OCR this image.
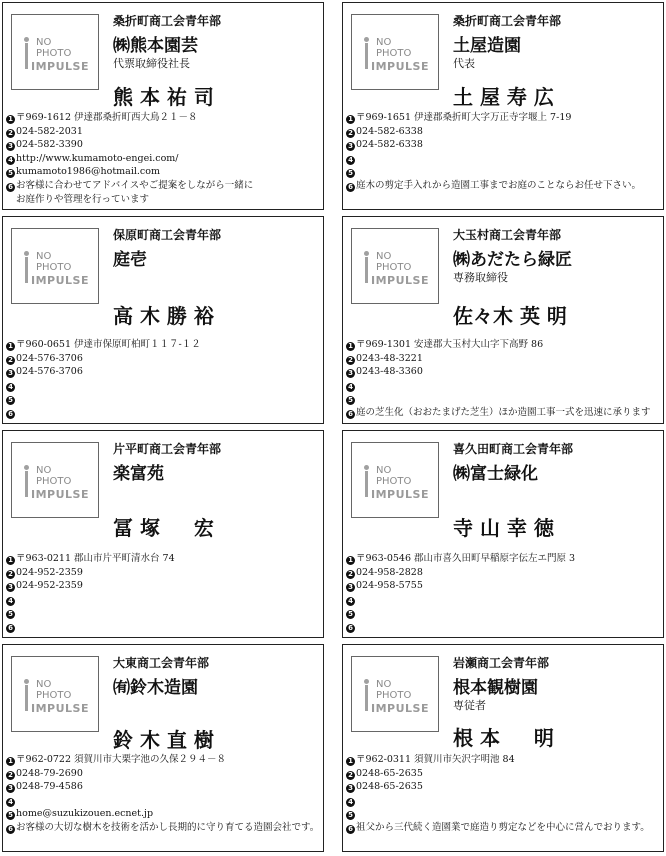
NO
PHOTO
IMPULSE
桑折町商工会青年部
㈱熊本園芸
代票取締役社長
熊 本 祐 司
1 〒969-1612 伊達郡桑折町西大鳥２１－８
2 024-582-2031
3 024-582-3390
4 http://www.kumamoto-engei.com/
5 kumamoto1986@hotmail.com
6 お客様に合わせてアドバイスやご提案をしながら一緒に
お庭作りや管理を行っています
NO
PHOTO
IMPULSE
桑折町商工会青年部
土屋造園
代表
土 屋 寿 広
1 〒969-1651 伊達郡桑折町大字万正寺字堰上 7-19
2 024-582-6338
3 024-582-6338
4
5
6 庭木の剪定手入れから造園工事までお庭のことならお任せ下さい。
NO
PHOTO
IMPULSE
保原町商工会青年部
庭壱
高 木 勝 裕
1 〒960-0651 伊達市保原町柏町１１７-１２
2 024-576-3706
3 024-576-3706
4
5
6
NO
PHOTO
IMPULSE
大玉村商工会青年部
㈱あだたら緑匠
専務取締役
佐々木 英 明
1 〒969-1301 安達郡大玉村大山字下高野 86
2 0243-48-3221
3 0243-48-3360
4
5
6 庭の芝生化（おおたまげた芝生）ほか造園工事一式を迅速に承ります
NO
PHOTO
IMPULSE
片平町商工会青年部
楽富苑
冨 塚 　 宏
1 〒963-0211 郡山市片平町清水台 74
2 024-952-2359
3 024-952-2359
4
5
6
NO
PHOTO
IMPULSE
喜久田町商工会青年部
㈱富士緑化
寺 山 幸 徳
1 〒963-0546 郡山市喜久田町早稲原字伝左エ門原 3
2 024-958-2828
3 024-958-5755
4
5
6
NO
PHOTO
IMPULSE
大東商工会青年部
㈲鈴木造園
鈴 木 直 樹
1 〒962-0722 須賀川市大栗字池の久保２９４－８
2 0248-79-2690
3 0248-79-4586
4
5 home@suzukizouen.ecnet.jp
6 お客様の大切な樹木を技術を活かし長期的に守り育てる造園会社です。
NO
PHOTO
IMPULSE
岩瀬商工会青年部
根本観樹園
専従者
根 本 　 明
1 〒962-0311 須賀川市矢沢字明池 84
2 0248-65-2635
3 0248-65-2635
4
5
6 祖父から三代続く造園業で庭造り剪定などを中心に営んでおります。
